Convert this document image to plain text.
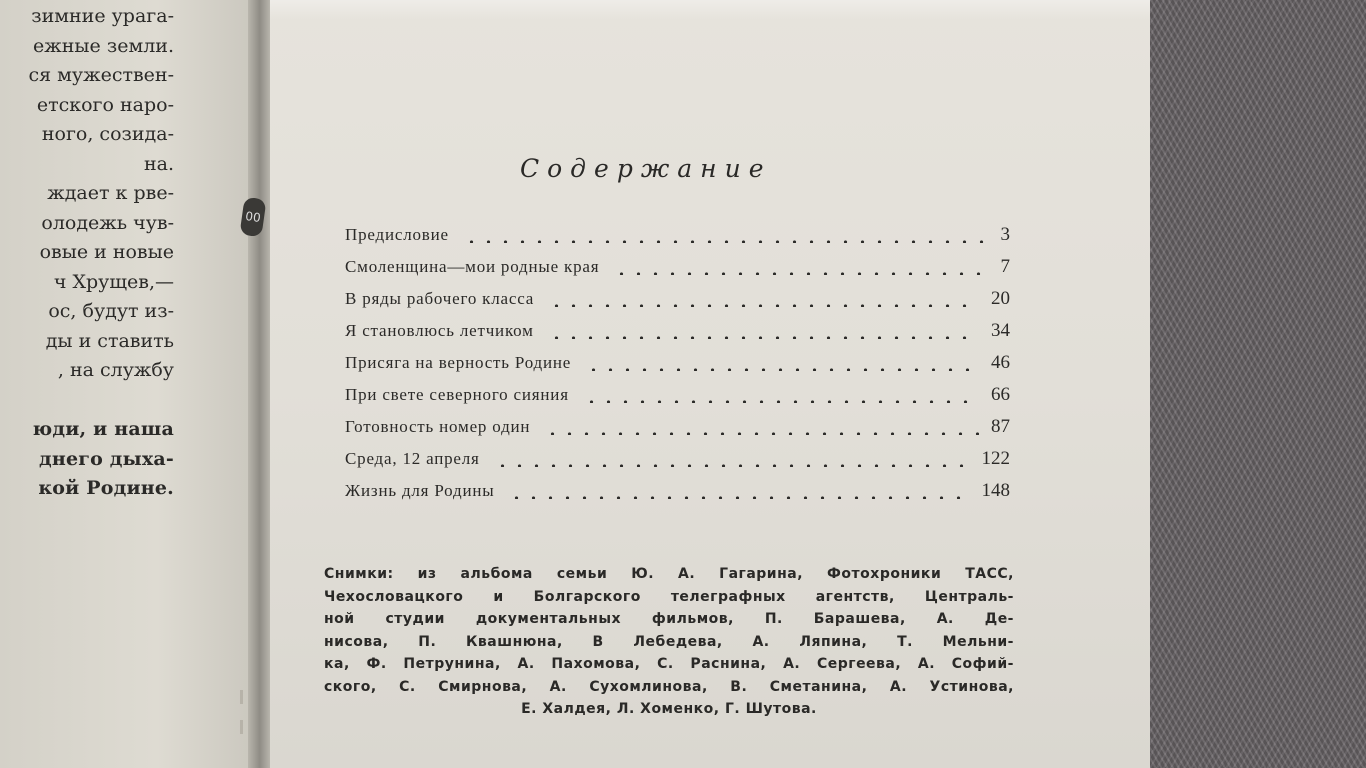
зимние урага-
ежные земли.
ся мужествен-
етского наро-
ного, созида-
на.
ждает к рве-
олодежь чув-
овые и новые
ч Хрущев,—
ос, будут из-
ды и ставить
, на службу
юди, и наша
днего дыха-
кой Родине.
00
Содержание
Предисловие	3
Смоленщина—мои родные края	7
В ряды рабочего класса	20
Я становлюсь летчиком	34
Присяга на верность Родине	46
При свете северного сияния	66
Готовность номер один	87
Среда, 12 апреля	122
Жизнь для Родины	148
Снимки: из альбома семьи Ю. А. Гагарина, Фотохроники ТАСС,
Чехословацкого и Болгарского телеграфных агентств, Централь-
ной студии документальных фильмов, П. Барашева, А. Де-
нисова, П. Квашнюна, В Лебедева, А. Ляпина, Т. Мельни-
ка, Ф. Петрунина, А. Пахомова, С. Раснина, А. Сергеева, А. Софий-
ского, С. Смирнова, А. Сухомлинова, В. Сметанина, А. Устинова,
Е. Халдея, Л. Хоменко, Г. Шутова.
